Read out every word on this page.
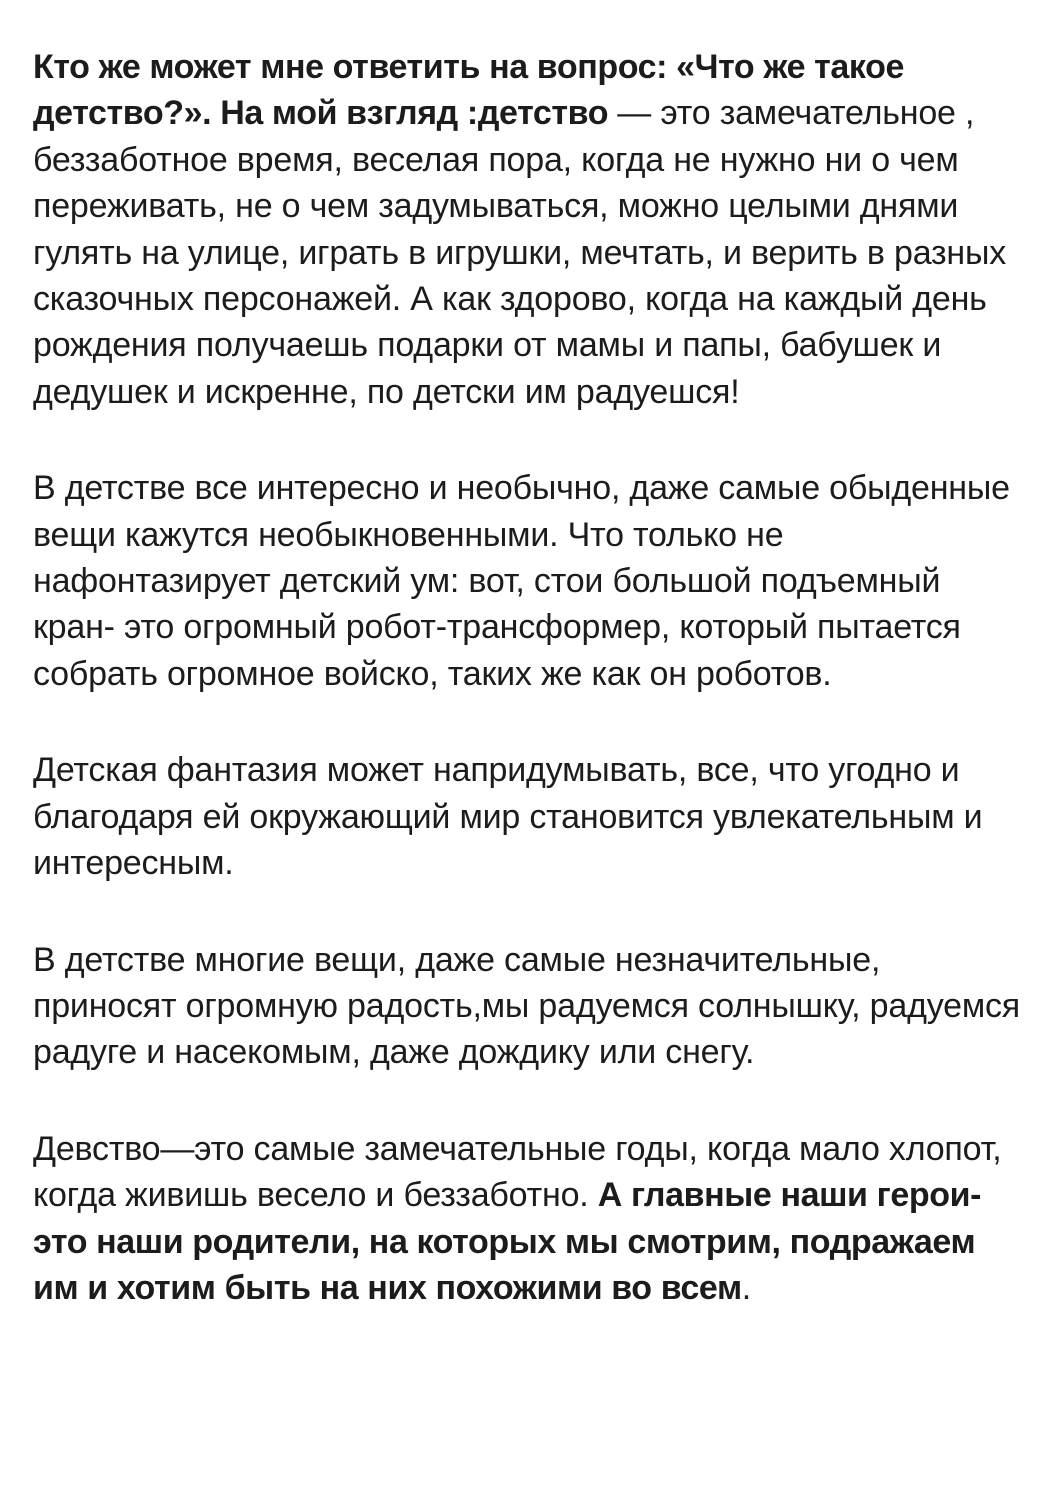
Кто же может мне ответить на вопрос: «Что же такое детство?». На мой взгляд :детство — это замечательное , беззаботное время, веселая пора, когда не нужно ни о чем переживать, не о чем задумываться, можно целыми днями гулять на улице, играть в игрушки, мечтать, и верить в разных сказочных персонажей. А как здорово, когда на каждый день рождения получаешь подарки от мамы и папы, бабушек и дедушек и искренне, по детски им радуешся!

В детстве все интересно и необычно, даже самые обыденные вещи кажутся необыкновенными. Что только не нафонтазирует детский ум: вот, стои большой подъемный кран- это огромный робот-трансформер, который пытается собрать огромное войско, таких же как он роботов.

Детская фантазия может напридумывать, все, что угодно и благодаря ей окружающий мир становится увлекательным и интересным.

В детстве многие вещи, даже самые незначительные, приносят огромную радость,мы радуемся солнышку, радуемся радуге и насекомым, даже дождику или снегу.

Девство—это самые замечательные годы, когда мало хлопот, когда живишь весело и беззаботно. А главные наши герои-это наши родители, на которых мы смотрим, подражаем им и хотим быть на них похожими во всем.
